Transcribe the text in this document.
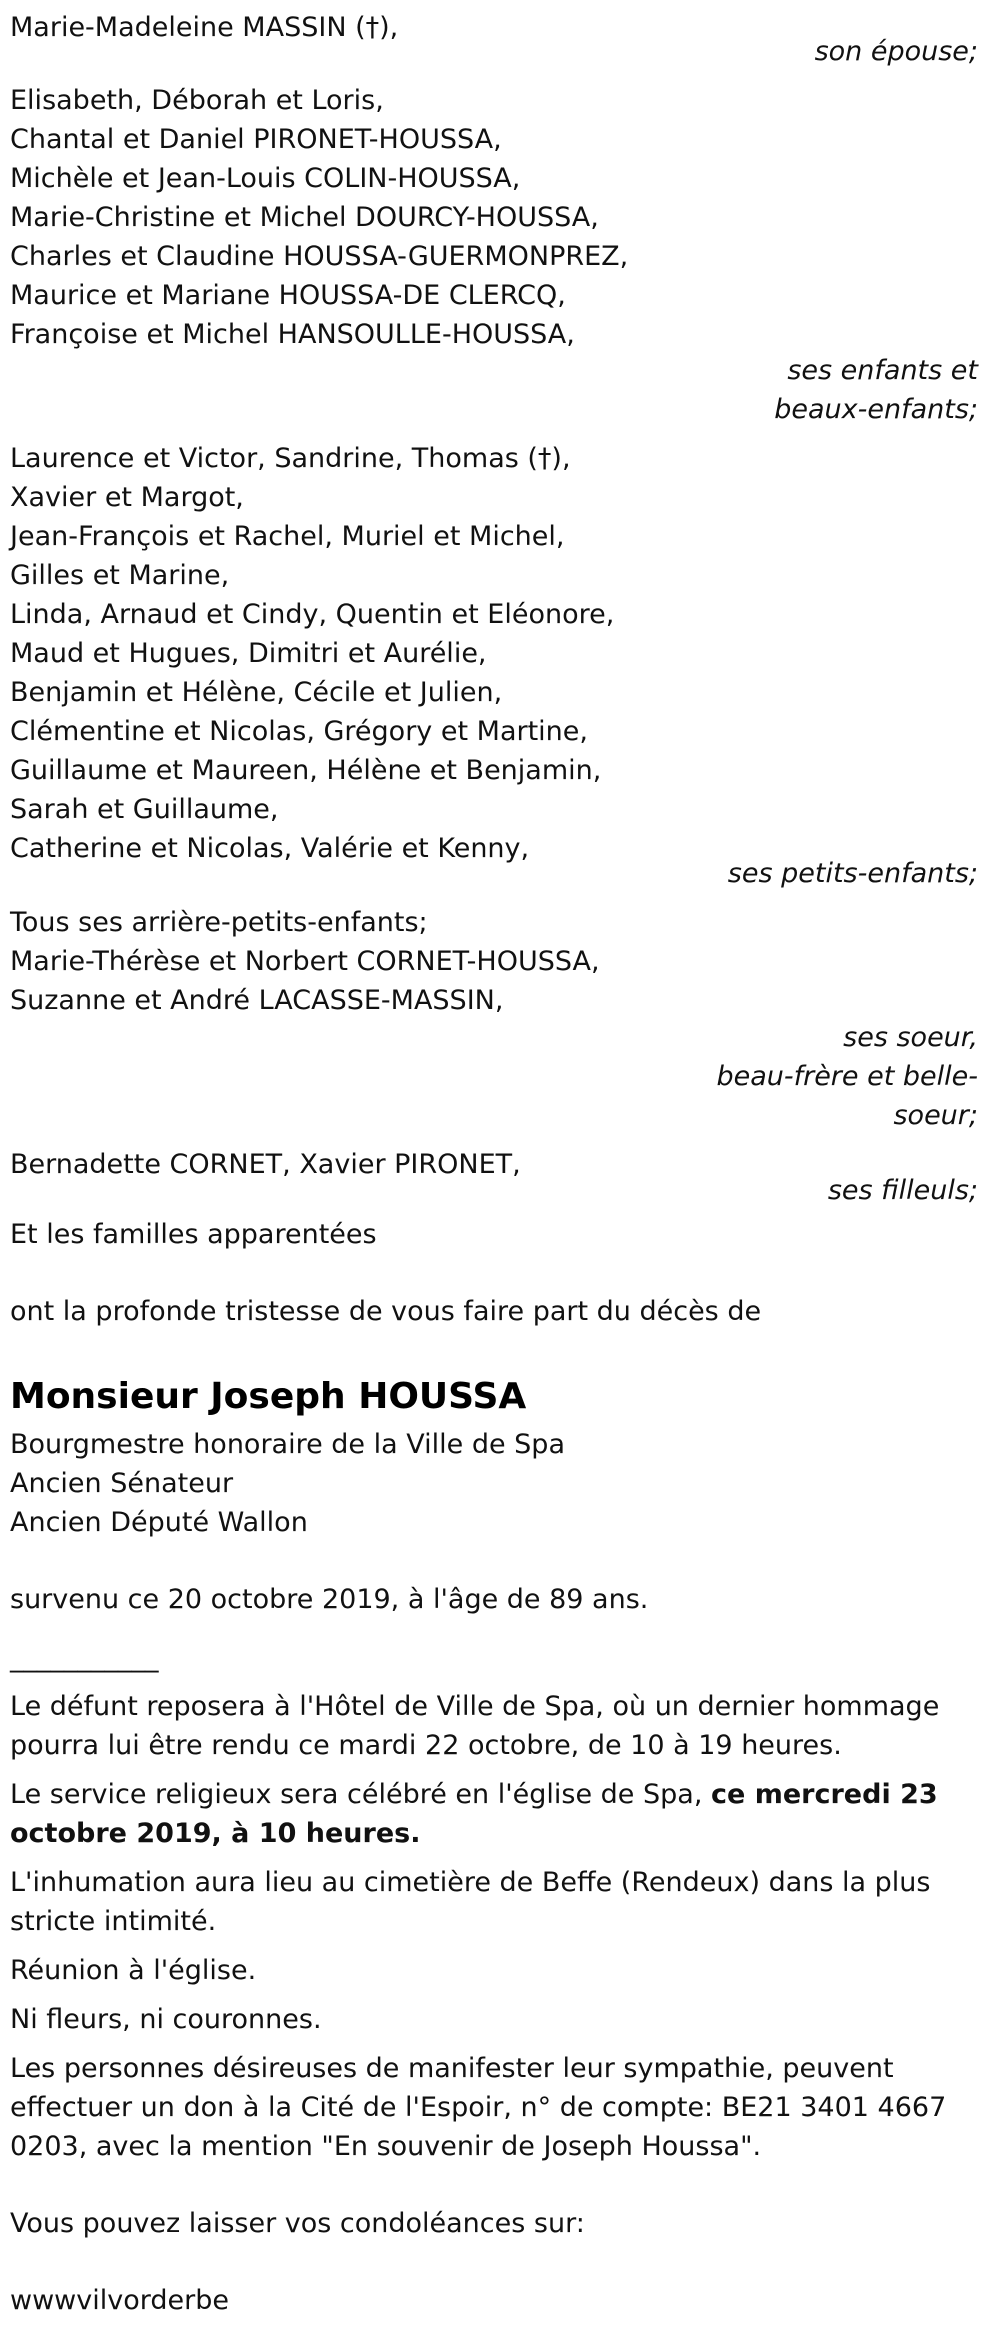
Marie-Madeleine MASSIN (†),
son épouse;
Elisabeth, Déborah et Loris,
Chantal et Daniel PIRONET-HOUSSA,
Michèle et Jean-Louis COLIN-HOUSSA,
Marie-Christine et Michel DOURCY-HOUSSA,
Charles et Claudine HOUSSA-GUERMONPREZ,
Maurice et Mariane HOUSSA-DE CLERCQ,
Françoise et Michel HANSOULLE-HOUSSA,
ses enfants et
beaux-enfants;
Laurence et Victor, Sandrine, Thomas (†),
Xavier et Margot,
Jean-François et Rachel, Muriel et Michel,
Gilles et Marine,
Linda, Arnaud et Cindy, Quentin et Eléonore,
Maud et Hugues, Dimitri et Aurélie,
Benjamin et Hélène, Cécile et Julien,
Clémentine et Nicolas, Grégory et Martine,
Guillaume et Maureen, Hélène et Benjamin,
Sarah et Guillaume,
Catherine et Nicolas, Valérie et Kenny,
ses petits-enfants;
Tous ses arrière-petits-enfants;
Marie-Thérèse et Norbert CORNET-HOUSSA,
Suzanne et André LACASSE-MASSIN,
ses soeur,
beau-frère et belle-
soeur;
Bernadette CORNET, Xavier PIRONET,
ses filleuls;
Et les familles apparentées
ont la profonde tristesse de vous faire part du décès de
Monsieur Joseph HOUSSA
Bourgmestre honoraire de la Ville de Spa
Ancien Sénateur
Ancien Député Wallon
survenu ce 20 octobre 2019, à l'âge de 89 ans.
___________
Le défunt reposera à l'Hôtel de Ville de Spa, où un dernier hommage
pourra lui être rendu ce mardi 22 octobre, de 10 à 19 heures.
Le service religieux sera célébré en l'église de Spa, ce mercredi 23
octobre 2019, à 10 heures.
L'inhumation aura lieu au cimetière de Beffe (Rendeux) dans la plus
stricte intimité.
Réunion à l'église.
Ni fleurs, ni couronnes.
Les personnes désireuses de manifester leur sympathie, peuvent
effectuer un don à la Cité de l'Espoir, n° de compte: BE21 3401 4667
0203, avec la mention "En souvenir de Joseph Houssa".
Vous pouvez laisser vos condoléances sur:
wwwvilvorderbe
